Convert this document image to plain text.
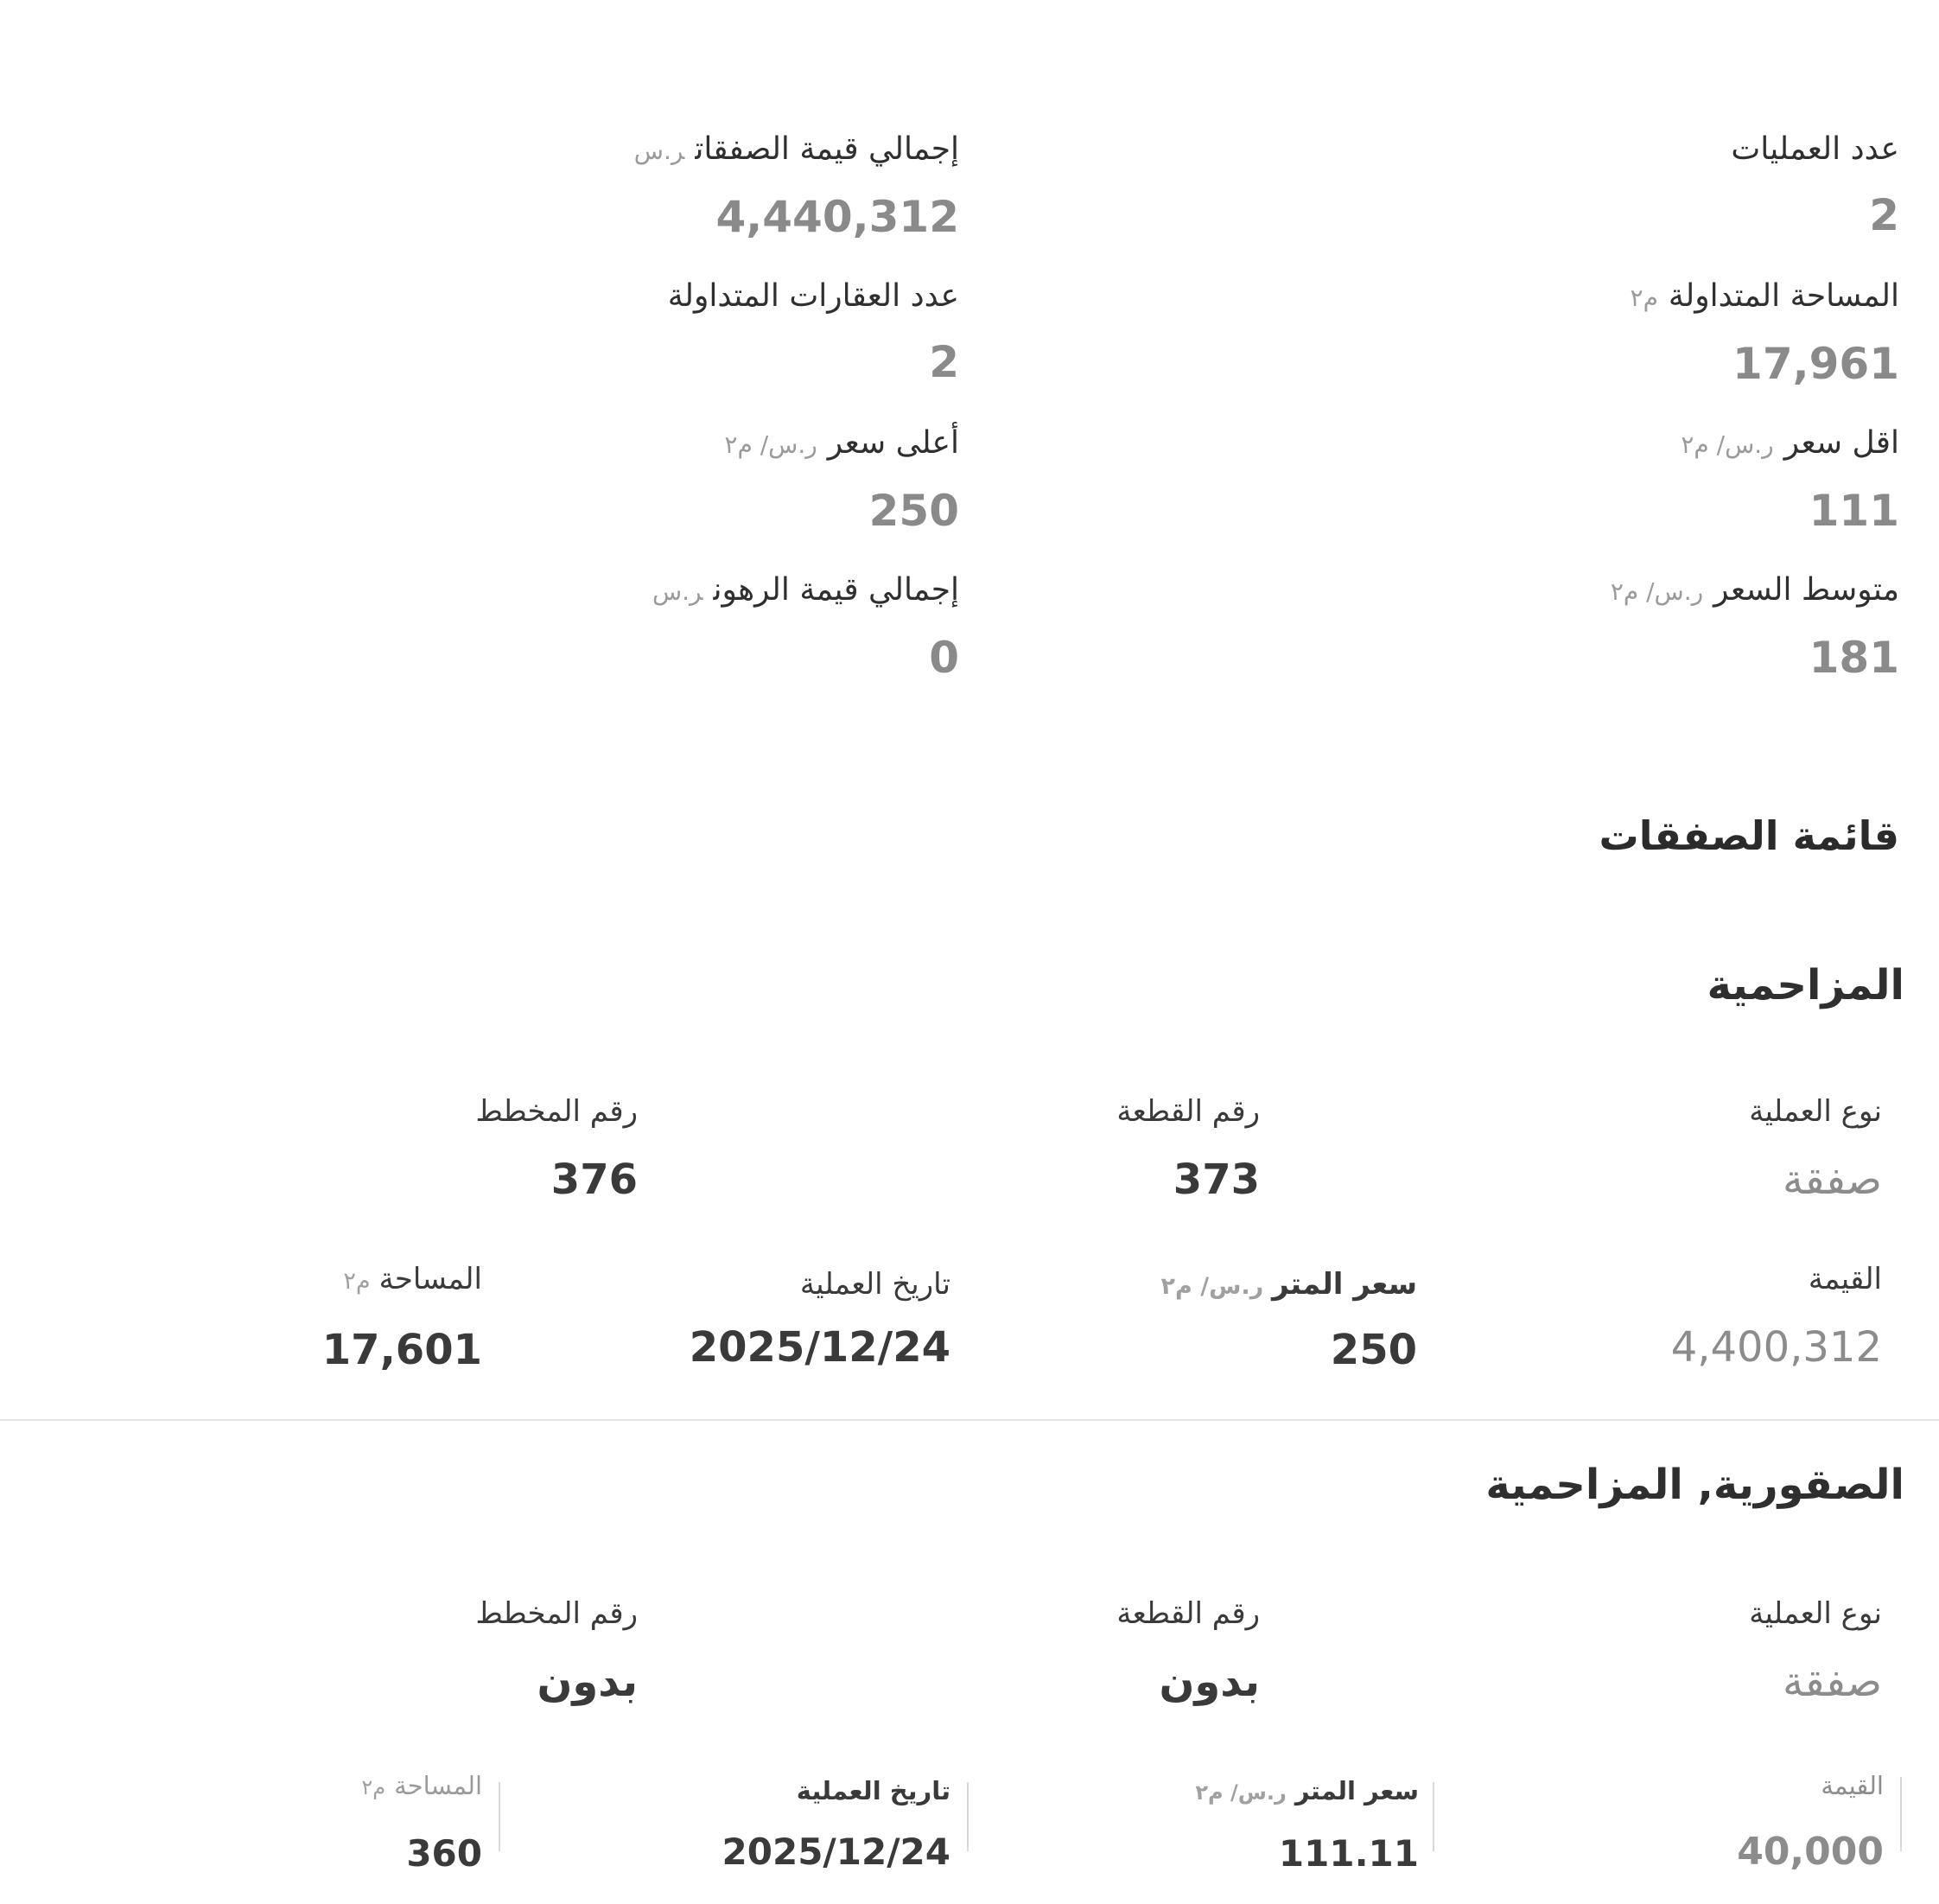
عدد العمليات
2
إجمالي قيمة الصفقاتر.س
4,440,312
المساحة المتداولةم٢
17,961
عدد العقارات المتداولة
2
اقل سعرر.س/ م٢
111
أعلى سعرر.س/ م٢
250
متوسط السعرر.س/ م٢
181
إجمالي قيمة الرهونر.س
0
قائمة الصفقات
المزاحمية
نوع العملية
صفقة
رقم القطعة
373
رقم المخطط
376
القيمة
4,400,312
سعر المترر.س/ م٢
250
تاريخ العملية
2025/12/24
المساحةم٢
17,601
الصقورية, المزاحمية
نوع العملية
صفقة
رقم القطعة
بدون
رقم المخطط
بدون
القيمة
40,000
سعر المترر.س/ م٢
111.11
تاريخ العملية
2025/12/24
المساحةم٢
360
